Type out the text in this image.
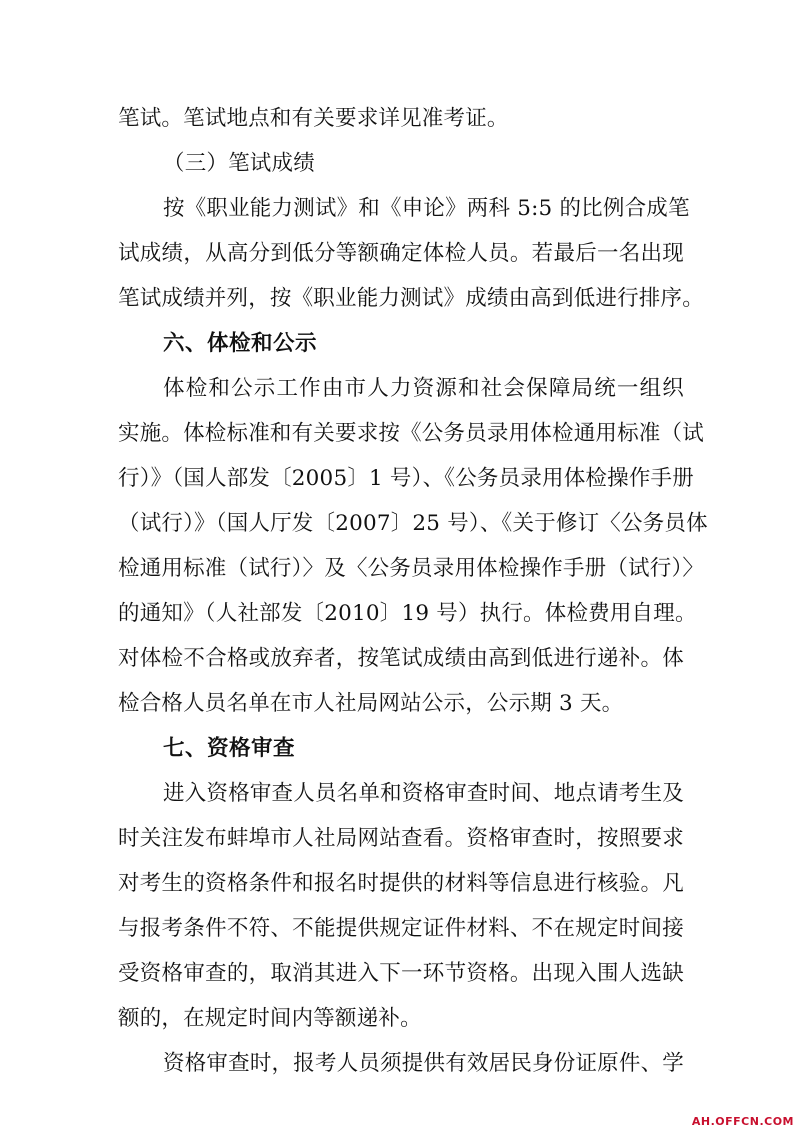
笔试。笔试地点和有关要求详见准考证。
（三）笔试成绩
按《职业能力测试》和《申论》两科 5:5 的比例合成笔
试成绩，从高分到低分等额确定体检人员。若最后一名出现
笔试成绩并列，按《职业能力测试》成绩由高到低进行排序。
六、体检和公示
体检和公示工作由市人力资源和社会保障局统一组织
实施。体检标准和有关要求按《公务员录用体检通用标准（试
行）》（国人部发〔2005〕1 号）、《公务员录用体检操作手册
（试行）》（国人厅发〔2007〕25 号）、《关于修订〈公务员体
检通用标准（试行）〉及〈公务员录用体检操作手册（试行）〉
的通知》（人社部发〔2010〕19 号）执行。体检费用自理。
对体检不合格或放弃者，按笔试成绩由高到低进行递补。体
检合格人员名单在市人社局网站公示，公示期 3 天。
七、资格审查
进入资格审查人员名单和资格审查时间、地点请考生及
时关注发布蚌埠市人社局网站查看。资格审查时，按照要求
对考生的资格条件和报名时提供的材料等信息进行核验。凡
与报考条件不符、不能提供规定证件材料、不在规定时间接
受资格审查的，取消其进入下一环节资格。出现入围人选缺
额的，在规定时间内等额递补。
资格审查时，报考人员须提供有效居民身份证原件、学
AH.OFFCN.COM
